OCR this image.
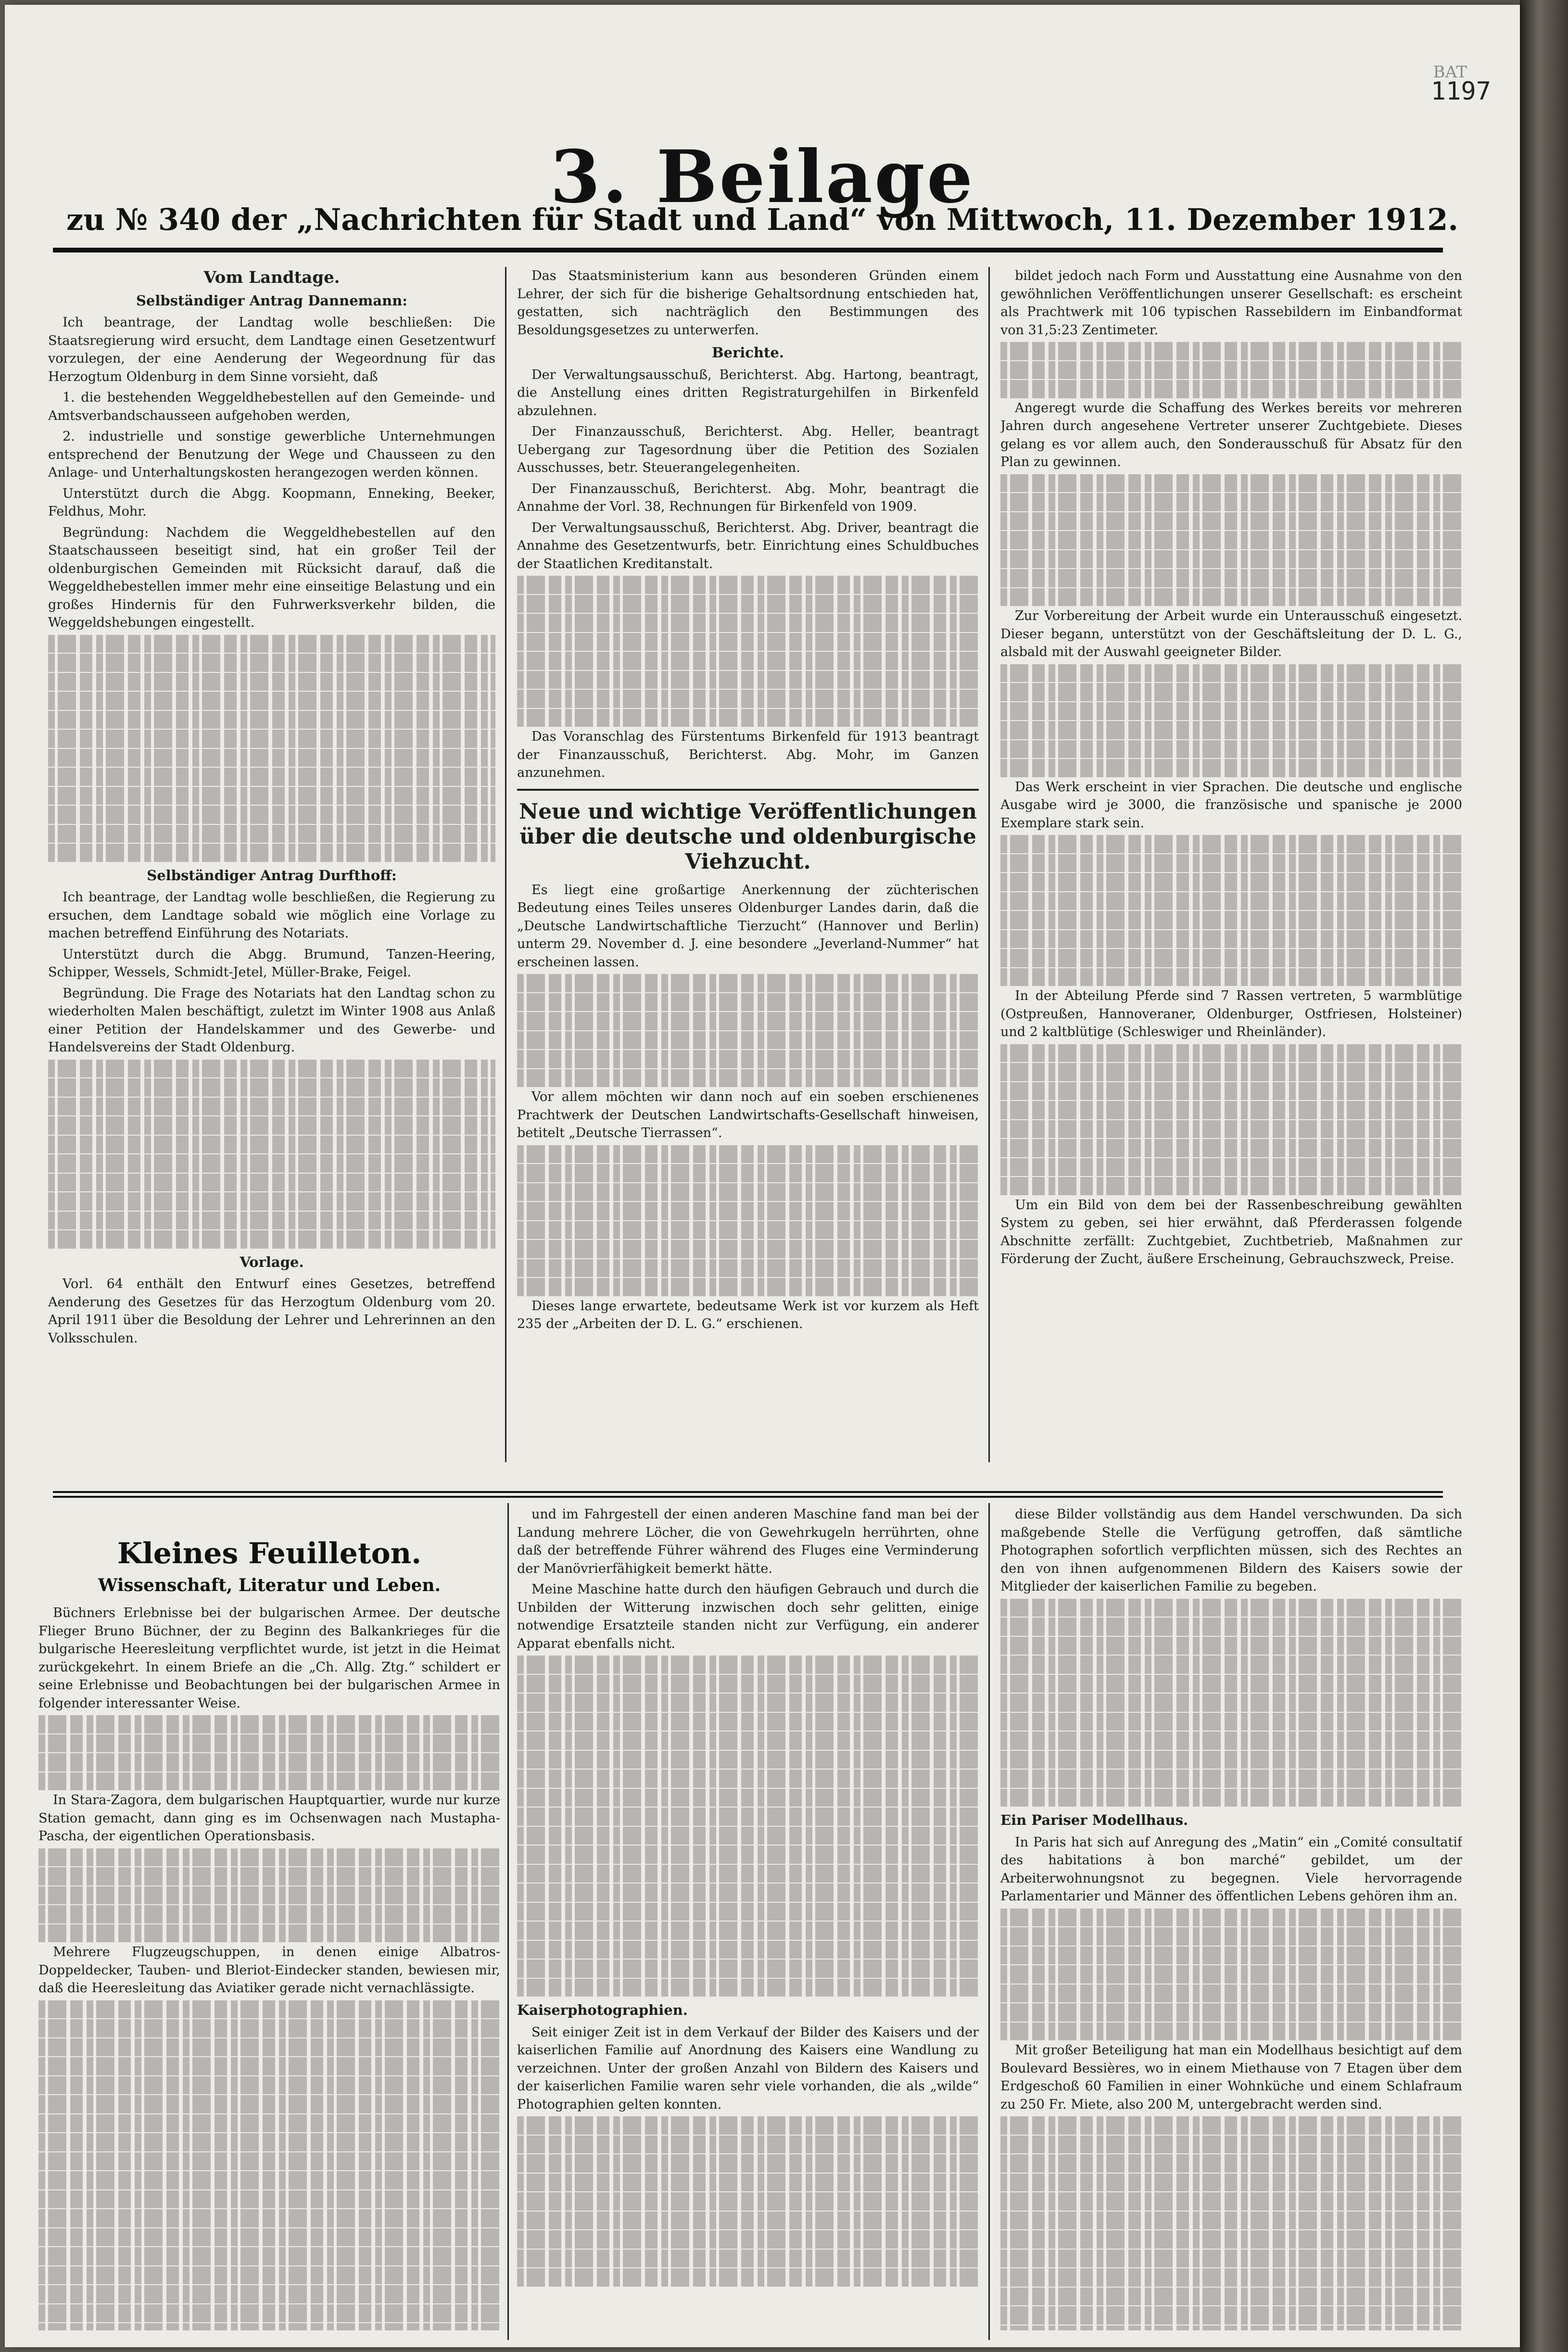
BAT
1197
3. Beilage
zu № 340 der „Nachrichten für Stadt und Land“ von Mittwoch, 11. Dezember 1912.

Vom Landtage.

Selbständiger Antrag Dannemann:

Ich beantrage, der Landtag wolle beschließen: Die Staatsregierung wird ersucht, dem Landtage einen Gesetzentwurf vorzulegen, der eine Aenderung der Wegeordnung für das Herzogtum Oldenburg in dem Sinne vorsieht, daß

1. die bestehenden Weggeldhebestellen auf den Gemeinde- und Amtsverbandschausseen aufgehoben werden,

2. industrielle und sonstige gewerbliche Unternehmungen entsprechend der Benutzung der Wege und Chausseen zu den Anlage- und Unterhaltungskosten herangezogen werden können.

Unterstützt durch die Abgg. Koopmann, Enneking, Beeker, Feldhus, Mohr.

Begründung: Nachdem die Weggeldhebestellen auf den Staatschausseen beseitigt sind, hat ein großer Teil der oldenburgischen Gemeinden mit Rücksicht darauf, daß die Weggeldhebestellen immer mehr eine einseitige Belastung und ein großes Hindernis für den Fuhrwerksverkehr bilden, die Weggeldshebungen eingestellt.

Selbständiger Antrag Durfthoff:

Ich beantrage, der Landtag wolle beschließen, die Regierung zu ersuchen, dem Landtage sobald wie möglich eine Vorlage zu machen betreffend Einführung des Notariats.

Unterstützt durch die Abgg. Brumund, Tanzen-Heering, Schipper, Wessels, Schmidt-Jetel, Müller-Brake, Feigel.

Begründung. Die Frage des Notariats hat den Landtag schon zu wiederholten Malen beschäftigt, zuletzt im Winter 1908 aus Anlaß einer Petition der Handelskammer und des Gewerbe- und Handelsvereins der Stadt Oldenburg.

Vorlage.

Vorl. 64 enthält den Entwurf eines Gesetzes, betreffend Aenderung des Gesetzes für das Herzogtum Oldenburg vom 20. April 1911 über die Besoldung der Lehrer und Lehrerinnen an den Volksschulen.

Das Staatsministerium kann aus besonderen Gründen einem Lehrer, der sich für die bisherige Gehaltsordnung entschieden hat, gestatten, sich nachträglich den Bestimmungen des Besoldungsgesetzes zu unterwerfen.

Berichte.

Der Verwaltungsausschuß, Berichterst. Abg. Hartong, beantragt, die Anstellung eines dritten Registraturgehilfen in Birkenfeld abzulehnen.

Der Finanzausschuß, Berichterst. Abg. Heller, beantragt Uebergang zur Tagesordnung über die Petition des Sozialen Ausschusses, betr. Steuerangelegenheiten.

Der Finanzausschuß, Berichterst. Abg. Mohr, beantragt die Annahme der Vorl. 38, Rechnungen für Birkenfeld von 1909.

Der Verwaltungsausschuß, Berichterst. Abg. Driver, beantragt die Annahme des Gesetzentwurfs, betr. Einrichtung eines Schuldbuches der Staatlichen Kreditanstalt.

Das Voranschlag des Fürstentums Birkenfeld für 1913 beantragt der Finanzausschuß, Berichterst. Abg. Mohr, im Ganzen anzunehmen.

Neue und wichtige Veröffentlichungen über die deutsche und oldenburgische Viehzucht.

Es liegt eine großartige Anerkennung der züchterischen Bedeutung eines Teiles unseres Oldenburger Landes darin, daß die „Deutsche Landwirtschaftliche Tierzucht“ (Hannover und Berlin) unterm 29. November d. J. eine besondere „Jeverland-Nummer“ hat erscheinen lassen.

Vor allem möchten wir dann noch auf ein soeben erschienenes Prachtwerk der Deutschen Landwirtschafts-Gesellschaft hinweisen, betitelt „Deutsche Tierrassen“.

Dieses lange erwartete, bedeutsame Werk ist vor kurzem als Heft 235 der „Arbeiten der D. L. G.“ erschienen.

bildet jedoch nach Form und Ausstattung eine Ausnahme von den gewöhnlichen Veröffentlichungen unserer Gesellschaft: es erscheint als Prachtwerk mit 106 typischen Rassebildern im Einbandformat von 31,5:23 Zentimeter.

Angeregt wurde die Schaffung des Werkes bereits vor mehreren Jahren durch angesehene Vertreter unserer Zuchtgebiete. Dieses gelang es vor allem auch, den Sonderausschuß für Absatz für den Plan zu gewinnen.

Zur Vorbereitung der Arbeit wurde ein Unterausschuß eingesetzt. Dieser begann, unterstützt von der Geschäftsleitung der D. L. G., alsbald mit der Auswahl geeigneter Bilder.

Das Werk erscheint in vier Sprachen. Die deutsche und englische Ausgabe wird je 3000, die französische und spanische je 2000 Exemplare stark sein.

In der Abteilung Pferde sind 7 Rassen vertreten, 5 warmblütige (Ostpreußen, Hannoveraner, Oldenburger, Ostfriesen, Holsteiner) und 2 kaltblütige (Schleswiger und Rheinländer).

Um ein Bild von dem bei der Rassenbeschreibung gewählten System zu geben, sei hier erwähnt, daß Pferderassen folgende Abschnitte zerfällt: Zuchtgebiet, Zuchtbetrieb, Maßnahmen zur Förderung der Zucht, äußere Erscheinung, Gebrauchszweck, Preise.

Kleines Feuilleton.
Wissenschaft, Literatur und Leben.

Büchners Erlebnisse bei der bulgarischen Armee. Der deutsche Flieger Bruno Büchner, der zu Beginn des Balkankrieges für die bulgarische Heeresleitung verpflichtet wurde, ist jetzt in die Heimat zurückgekehrt. In einem Briefe an die „Ch. Allg. Ztg.“ schildert er seine Erlebnisse und Beobachtungen bei der bulgarischen Armee in folgender interessanter Weise.

In Stara-Zagora, dem bulgarischen Hauptquartier, wurde nur kurze Station gemacht, dann ging es im Ochsenwagen nach Mustapha-Pascha, der eigentlichen Operationsbasis.

Mehrere Flugzeugschuppen, in denen einige Albatros-Doppeldecker, Tauben- und Bleriot-Eindecker standen, bewiesen mir, daß die Heeresleitung das Aviatiker gerade nicht vernachlässigte.

und im Fahrgestell der einen anderen Maschine fand man bei der Landung mehrere Löcher, die von Gewehrkugeln herrührten, ohne daß der betreffende Führer während des Fluges eine Verminderung der Manövrierfähigkeit bemerkt hätte.

Meine Maschine hatte durch den häufigen Gebrauch und durch die Unbilden der Witterung inzwischen doch sehr gelitten, einige notwendige Ersatzteile standen nicht zur Verfügung, ein anderer Apparat ebenfalls nicht.

Kaiserphotographien.

Seit einiger Zeit ist in dem Verkauf der Bilder des Kaisers und der kaiserlichen Familie auf Anordnung des Kaisers eine Wandlung zu verzeichnen. Unter der großen Anzahl von Bildern des Kaisers und der kaiserlichen Familie waren sehr viele vorhanden, die als „wilde“ Photographien gelten konnten.

diese Bilder vollständig aus dem Handel verschwunden. Da sich maßgebende Stelle die Verfügung getroffen, daß sämtliche Photographen sofortlich verpflichten müssen, sich des Rechtes an den von ihnen aufgenommenen Bildern des Kaisers sowie der Mitglieder der kaiserlichen Familie zu begeben.

Ein Pariser Modellhaus.

In Paris hat sich auf Anregung des „Matin“ ein „Comité consultatif des habitations à bon marché“ gebildet, um der Arbeiterwohnungsnot zu begegnen. Viele hervorragende Parlamentarier und Männer des öffentlichen Lebens gehören ihm an.

Mit großer Beteiligung hat man ein Modellhaus besichtigt auf dem Boulevard Bessières, wo in einem Miethause von 7 Etagen über dem Erdgeschoß 60 Familien in einer Wohnküche und einem Schlafraum zu 250 Fr. Miete, also 200 M, untergebracht werden sind.
